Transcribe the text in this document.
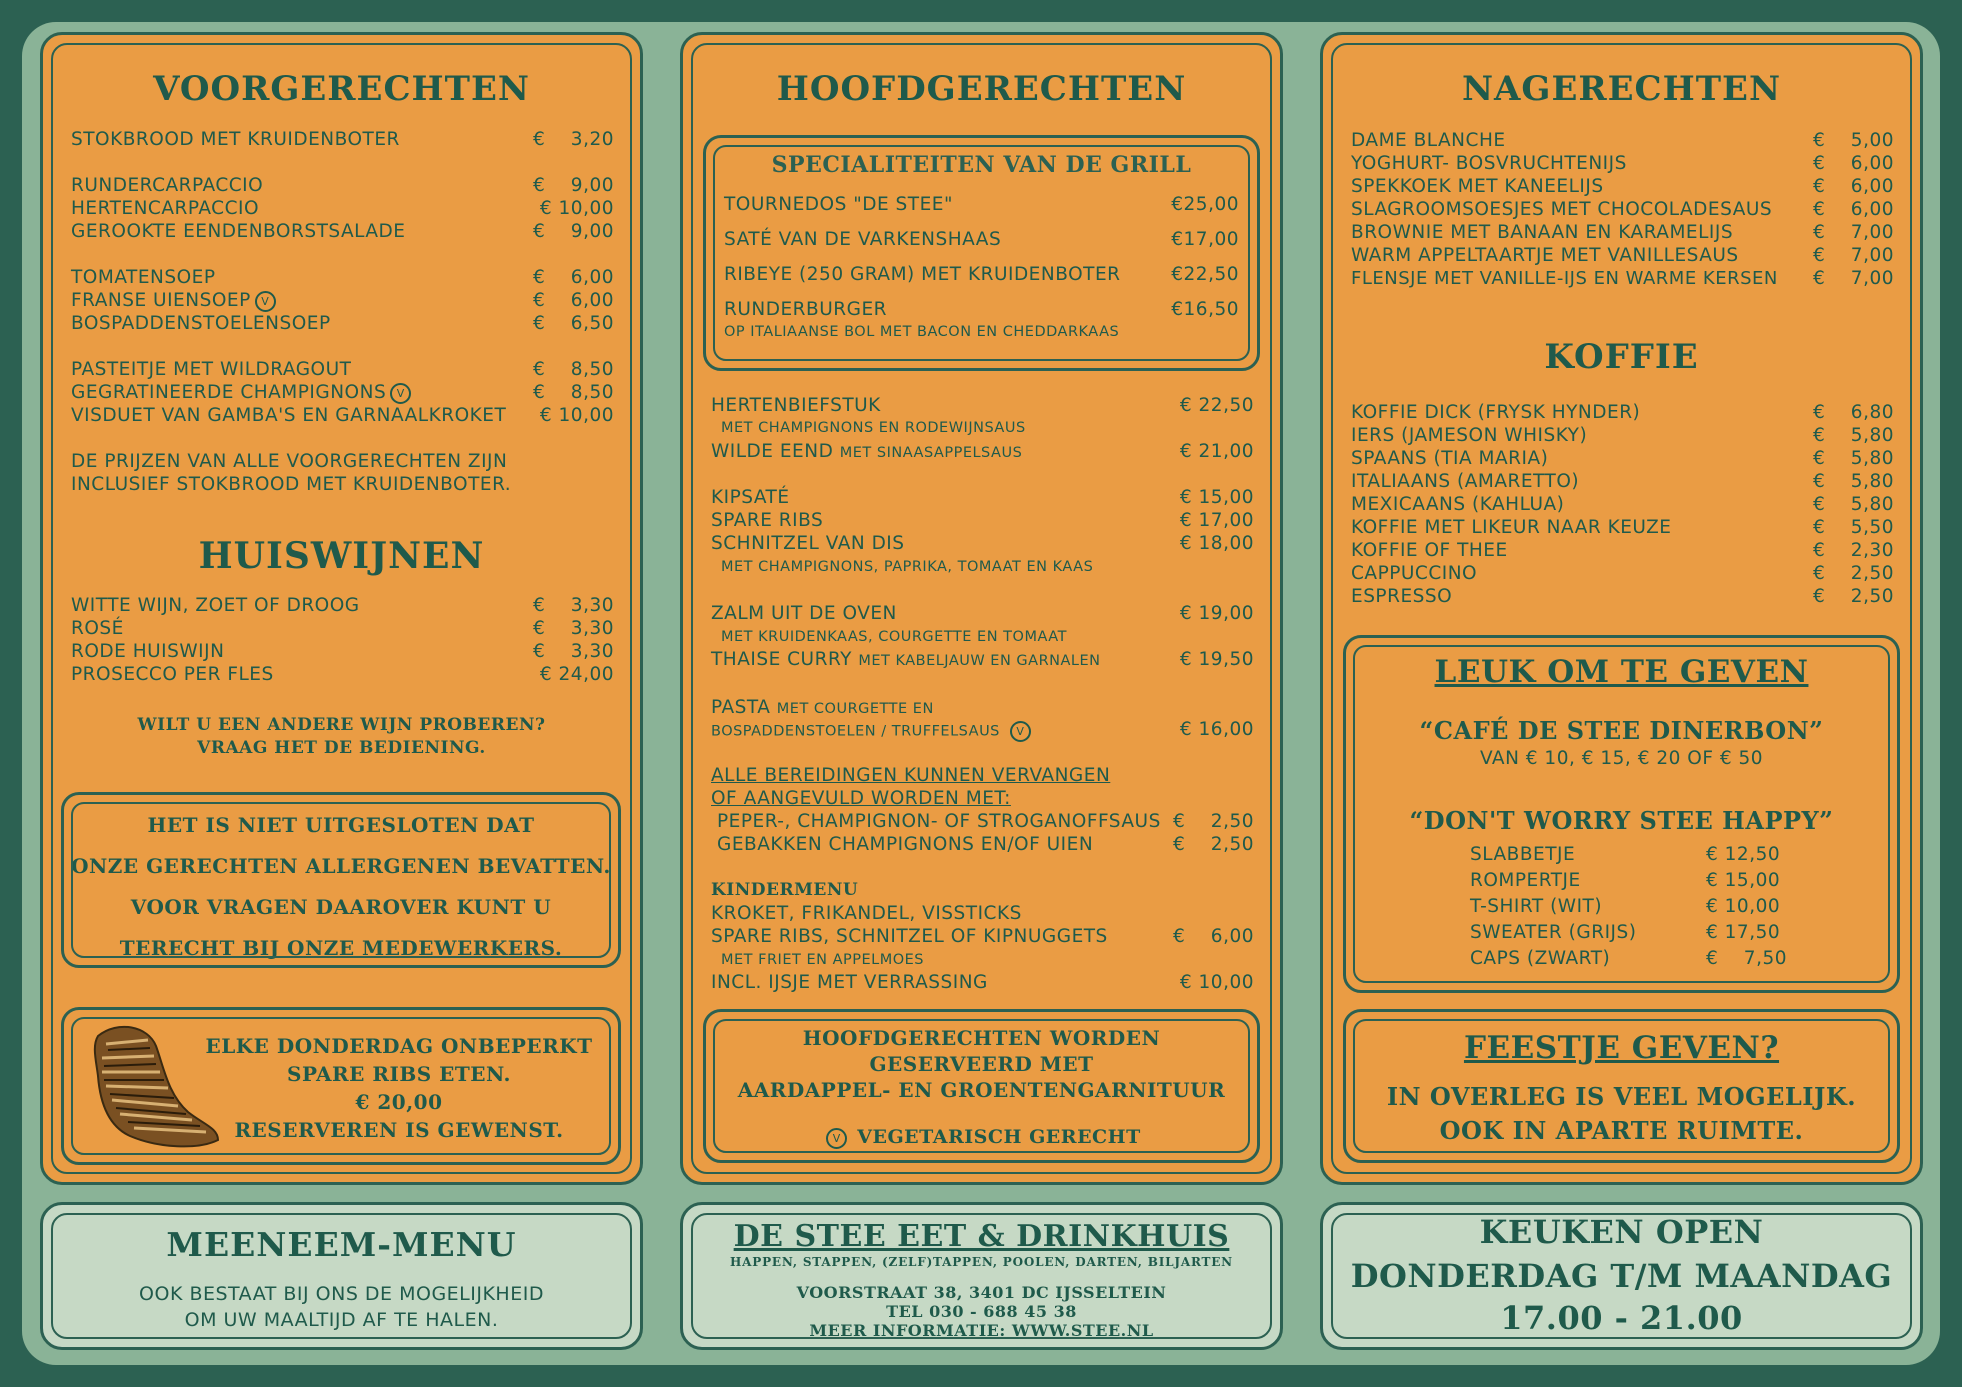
VOORGERECHTEN
STOKBROOD MET KRUIDENBOTER	€    3,20
RUNDERCARPACCIO	€    9,00
HERTENCARPACCIO	€ 10,00
GEROOKTE EENDENBORSTSALADE	€    9,00
TOMATENSOEP	€    6,00
FRANSE UIENSOEP V	€    6,00
BOSPADDENSTOELENSOEP	€    6,50
PASTEITJE MET WILDRAGOUT	€    8,50
GEGRATINEERDE CHAMPIGNONS V	€    8,50
VISDUET VAN GAMBA'S EN GARNAALKROKET € 10,00
DE PRIJZEN VAN ALLE VOORGERECHTEN ZIJN
INCLUSIEF STOKBROOD MET KRUIDENBOTER.
HUISWIJNEN
WITTE WIJN, ZOET OF DROOG	€    3,30
ROSÉ	€    3,30
RODE HUISWIJN	€    3,30
PROSECCO PER FLES	€ 24,00
WILT U EEN ANDERE WIJN PROBEREN?
VRAAG HET DE BEDIENING.
HET IS NIET UITGESLOTEN DAT
ONZE GERECHTEN ALLERGENEN BEVATTEN.
VOOR VRAGEN DAAROVER KUNT U
TERECHT BIJ ONZE MEDEWERKERS.
ELKE DONDERDAG ONBEPERKT
SPARE RIBS ETEN.
€ 20,00
RESERVEREN IS GEWENST.
HOOFDGERECHTEN
SPECIALITEITEN VAN DE GRILL
TOURNEDOS "DE STEE"	€25,00
SATÉ VAN DE VARKENSHAAS	€17,00
RIBEYE (250 GRAM) MET KRUIDENBOTER	€22,50
RUNDERBURGER	€16,50
OP ITALIAANSE BOL MET BACON EN CHEDDARKAAS
HERTENBIEFSTUK	€ 22,50
MET CHAMPIGNONS EN RODEWIJNSAUS
WILDE EEND MET SINAASAPPELSAUS	€ 21,00
KIPSATÉ	€ 15,00
SPARE RIBS	€ 17,00
SCHNITZEL VAN DIS	€ 18,00
MET CHAMPIGNONS, PAPRIKA, TOMAAT EN KAAS
ZALM UIT DE OVEN	€ 19,00
MET KRUIDENKAAS, COURGETTE EN TOMAAT
THAISE CURRY MET KABELJAUW EN GARNALEN	€ 19,50
PASTA MET COURGETTE EN
BOSPADDENSTOELEN / TRUFFELSAUS V	€ 16,00
ALLE BEREIDINGEN KUNNEN VERVANGEN
OF AANGEVULD WORDEN MET:
PEPER-, CHAMPIGNON- OF STROGANOFFSAUS €    2,50
GEBAKKEN CHAMPIGNONS EN/OF UIEN	€    2,50
KINDERMENU
KROKET, FRIKANDEL, VISSTICKS
SPARE RIBS, SCHNITZEL OF KIPNUGGETS	€    6,00
MET FRIET EN APPELMOES
INCL. IJSJE MET VERRASSING	€ 10,00
HOOFDGERECHTEN WORDEN
GESERVEERD MET
AARDAPPEL- EN GROENTENGARNITUUR
V VEGETARISCH GERECHT
NAGERECHTEN
DAME BLANCHE	€    5,00
YOGHURT- BOSVRUCHTENIJS	€    6,00
SPEKKOEK MET KANEELIJS	€    6,00
SLAGROOMSOESJES MET CHOCOLADESAUS €    6,00
BROWNIE MET BANAAN EN KARAMELIJS	€    7,00
WARM APPELTAARTJE MET VANILLESAUS	€    7,00
FLENSJE MET VANILLE-IJS EN WARME KERSEN €    7,00
KOFFIE
KOFFIE DICK (FRYSK HYNDER)	€    6,80
IERS (JAMESON WHISKY)	€    5,80
SPAANS (TIA MARIA)	€    5,80
ITALIAANS (AMARETTO)	€    5,80
MEXICAANS (KAHLUA)	€    5,80
KOFFIE MET LIKEUR NAAR KEUZE	€    5,50
KOFFIE OF THEE	€    2,30
CAPPUCCINO	€    2,50
ESPRESSO	€    2,50
LEUK OM TE GEVEN
“CAFÉ DE STEE DINERBON”
VAN € 10, € 15, € 20 OF € 50
“DON'T WORRY STEE HAPPY”
SLABBETJE	€ 12,50
ROMPERTJE	€ 15,00
T-SHIRT (WIT)	€ 10,00
SWEATER (GRIJS)	€ 17,50
CAPS (ZWART)	€    7,50
FEESTJE GEVEN?
IN OVERLEG IS VEEL MOGELIJK.
OOK IN APARTE RUIMTE.
MEENEEM-MENU
OOK BESTAAT BIJ ONS DE MOGELIJKHEID
OM UW MAALTIJD AF TE HALEN.
DE STEE EET & DRINKHUIS
HAPPEN, STAPPEN, (ZELF)TAPPEN, POOLEN, DARTEN, BILJARTEN
VOORSTRAAT 38, 3401 DC IJSSELTEIN
TEL 030 - 688 45 38
MEER INFORMATIE: WWW.STEE.NL
KEUKEN OPEN
DONDERDAG T/M MAANDAG
17.00 - 21.00
